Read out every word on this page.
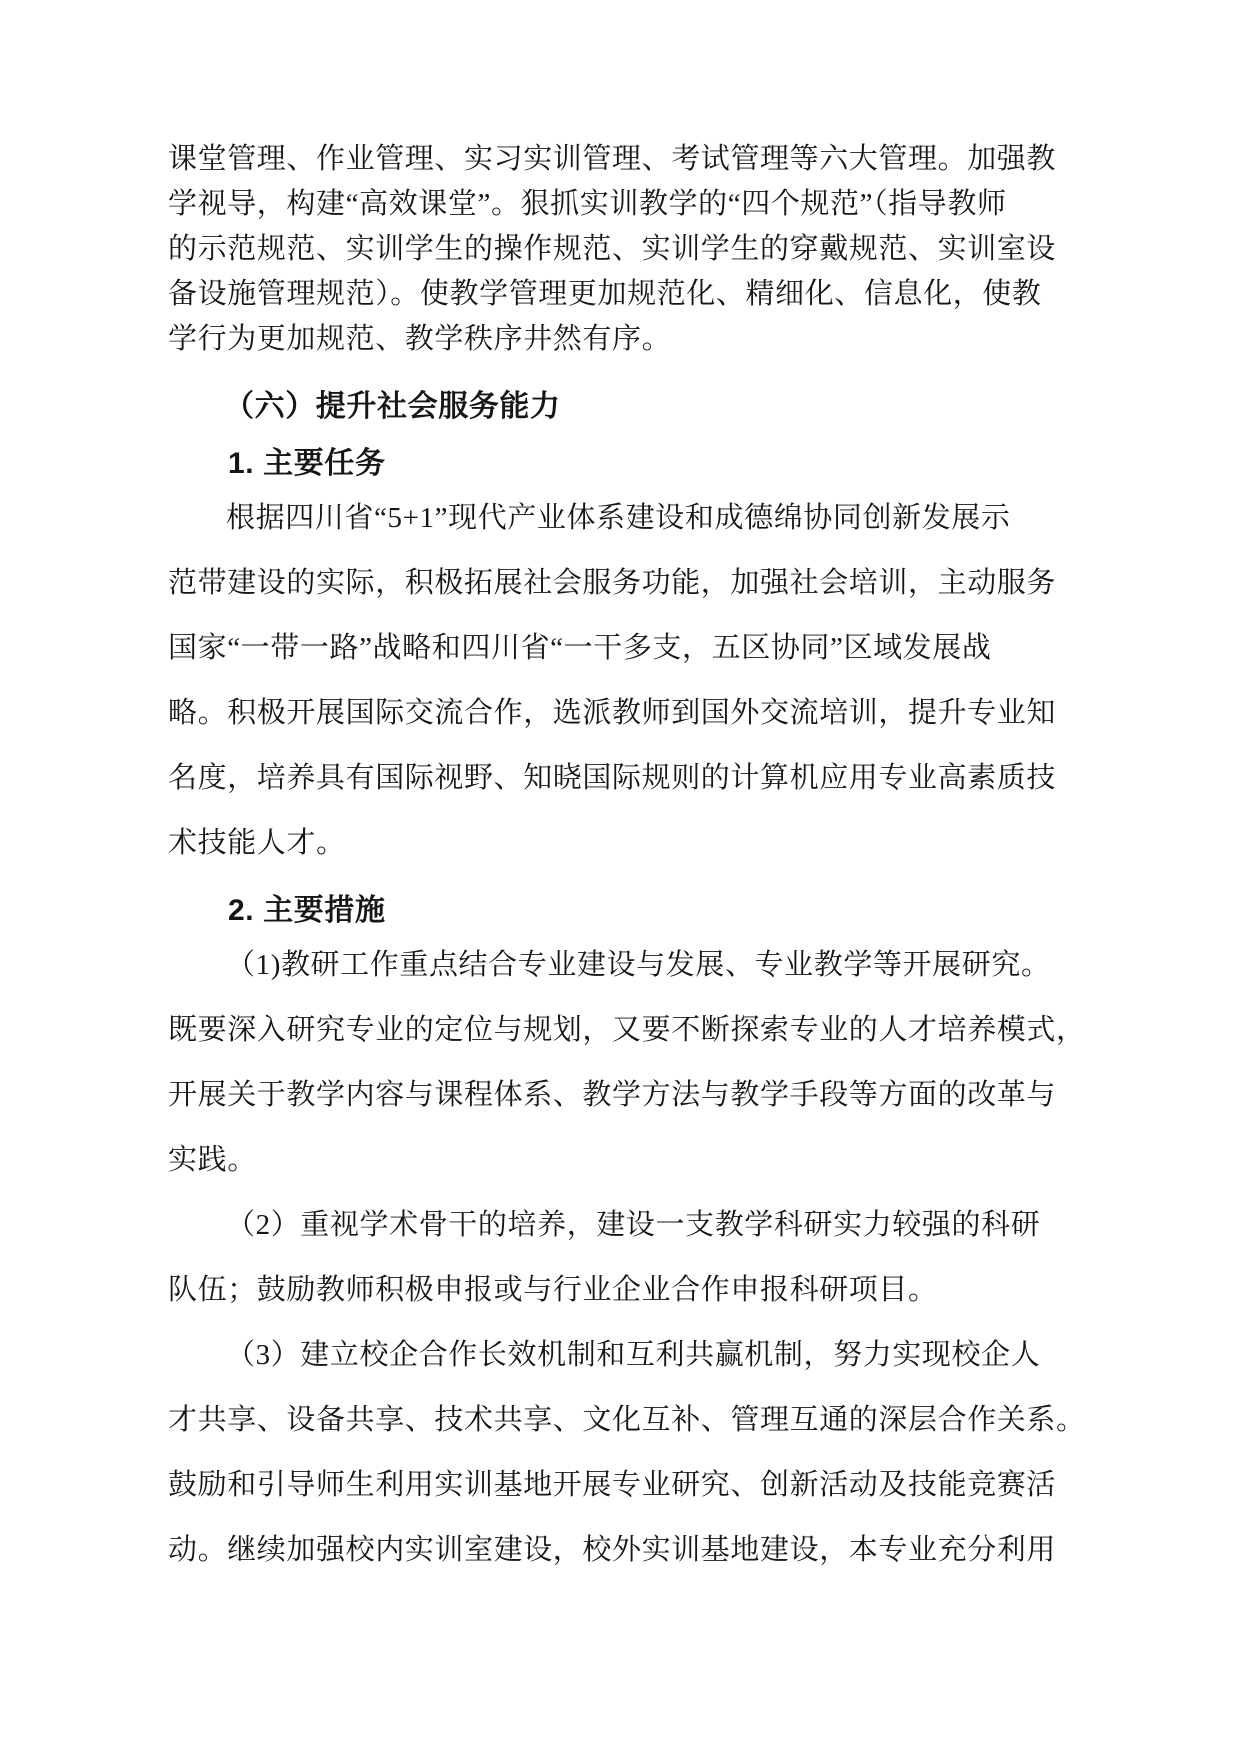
课堂管理、作业管理、实习实训管理、考试管理等六大管理。加强教
学视导，构建“高效课堂”。狠抓实训教学的“四个规范”（指导教师
的示范规范、实训学生的操作规范、实训学生的穿戴规范、实训室设
备设施管理规范）。使教学管理更加规范化、精细化、信息化，使教
学行为更加规范、教学秩序井然有序。
（六）提升社会服务能力
1. 主要任务
根据四川省“5+1”现代产业体系建设和成德绵协同创新发展示
范带建设的实际，积极拓展社会服务功能，加强社会培训，主动服务
国家“一带一路”战略和四川省“一干多支，五区协同”区域发展战
略。积极开展国际交流合作，选派教师到国外交流培训，提升专业知
名度，培养具有国际视野、知晓国际规则的计算机应用专业高素质技
术技能人才。
2. 主要措施
（1)教研工作重点结合专业建设与发展、专业教学等开展研究。
既要深入研究专业的定位与规划，又要不断探索专业的人才培养模式，
开展关于教学内容与课程体系、教学方法与教学手段等方面的改革与
实践。
（2）重视学术骨干的培养，建设一支教学科研实力较强的科研
队伍；鼓励教师积极申报或与行业企业合作申报科研项目。
（3）建立校企合作长效机制和互利共赢机制，努力实现校企人
才共享、设备共享、技术共享、文化互补、管理互通的深层合作关系。
鼓励和引导师生利用实训基地开展专业研究、创新活动及技能竞赛活
动。继续加强校内实训室建设，校外实训基地建设，本专业充分利用
